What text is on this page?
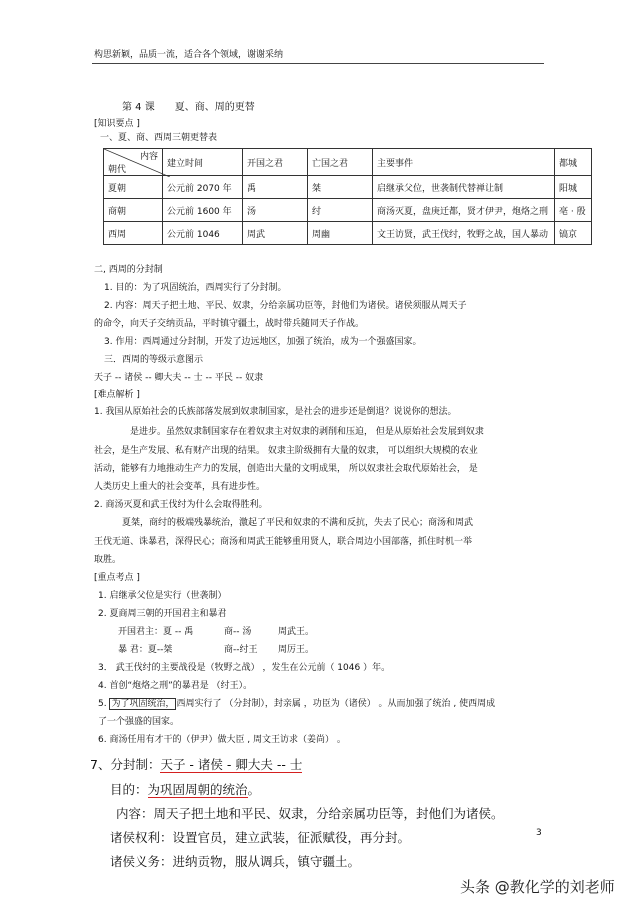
构思新颖，品质一流，适合各个领域，谢谢采纳
第 4 课　　夏、商、周的更替
[知识要点 ]
一、夏、商、西周三朝更替表
内容
朝代	建立时间	开国之君	亡国之君	主要事件	都城
夏朝	公元前 2070 年	禹	桀	启继承父位，世袭制代替禅让制	阳城
商朝	公元前 1600 年	汤	纣	商汤灭夏，盘庚迁都，贤才伊尹，炮烙之刑	亳 · 殷
西周	公元前 1046	周武	周幽	文王访贤，武王伐纣，牧野之战，国人暴动	镐京
二, 西周的分封制
1. 目的：为了巩固统治，西周实行了分封制。
2. 内容：周天子把土地、平民、奴隶，分给亲属功臣等，封他们为诸侯。诸侯须服从周天子
的命令，向天子交纳贡品，平时镇守疆土，战时带兵随同天子作战。
3. 作用：西周通过分封制，开发了边远地区，加强了统治，成为一个强盛国家。
三．西周的等级示意图示
天子 -- 诸侯 -- 卿大夫 -- 士 -- 平民 -- 奴隶
[难点解析 ]
1. 我国从原始社会的氏族部落发展到奴隶制国家，是社会的进步还是倒退？说说你的想法。
是进步。虽然奴隶制国家存在着奴隶主对奴隶的剥削和压迫， 但是从原始社会发展到奴隶
社会，是生产发展、私有财产出现的结果。 奴隶主阶级拥有大量的奴隶， 可以组织大规模的农业
活动，能够有力地推动生产力的发展，创造出大量的文明成果， 所以奴隶社会取代原始社会， 是
人类历史上重大的社会变革，具有进步性。
2. 商汤灭夏和武王伐纣为什么会取得胜利。
夏桀，商纣的极端残暴统治，激起了平民和奴隶的不满和反抗，失去了民心；商汤和周武
王伐无道、诛暴君，深得民心；商汤和周武王能够重用贤人，联合周边小国部落，抓住时机一举
取胜。
[重点考点 ]
1. 启继承父位是实行（世袭制）
2. 夏商周三朝的开国君主和暴君
开国君主：夏 -- 禹	商-- 汤	周武王。
暴 君：夏--桀	商--纣王 周厉王。
3． 武王伐纣的主要战役是（牧野之战） ，发生在公元前（ 1046 ）年。
4. 首创“炮烙之刑”的暴君是 （纣王）。
5. 为了巩固统治， 西周实行了 （分封制），封亲属 ，功臣为（诸侯） 。从而加强了统治 , 使西周成
了一个强盛的国家。
6. 商汤任用有才干的（伊尹）做大臣 , 周文王访求（姜尚） 。
7、分封制：天子 - 诸侯 - 卿大夫 -- 士
目的：为巩固周朝的统治。
内容：周天子把土地和平民、奴隶，分给亲属功臣等，封他们为诸侯。
诸侯权利：设置官员，建立武装，征派赋役，再分封。
诸侯义务：进纳贡物，服从调兵，镇守疆土。
3
头条 @教化学的刘老师
